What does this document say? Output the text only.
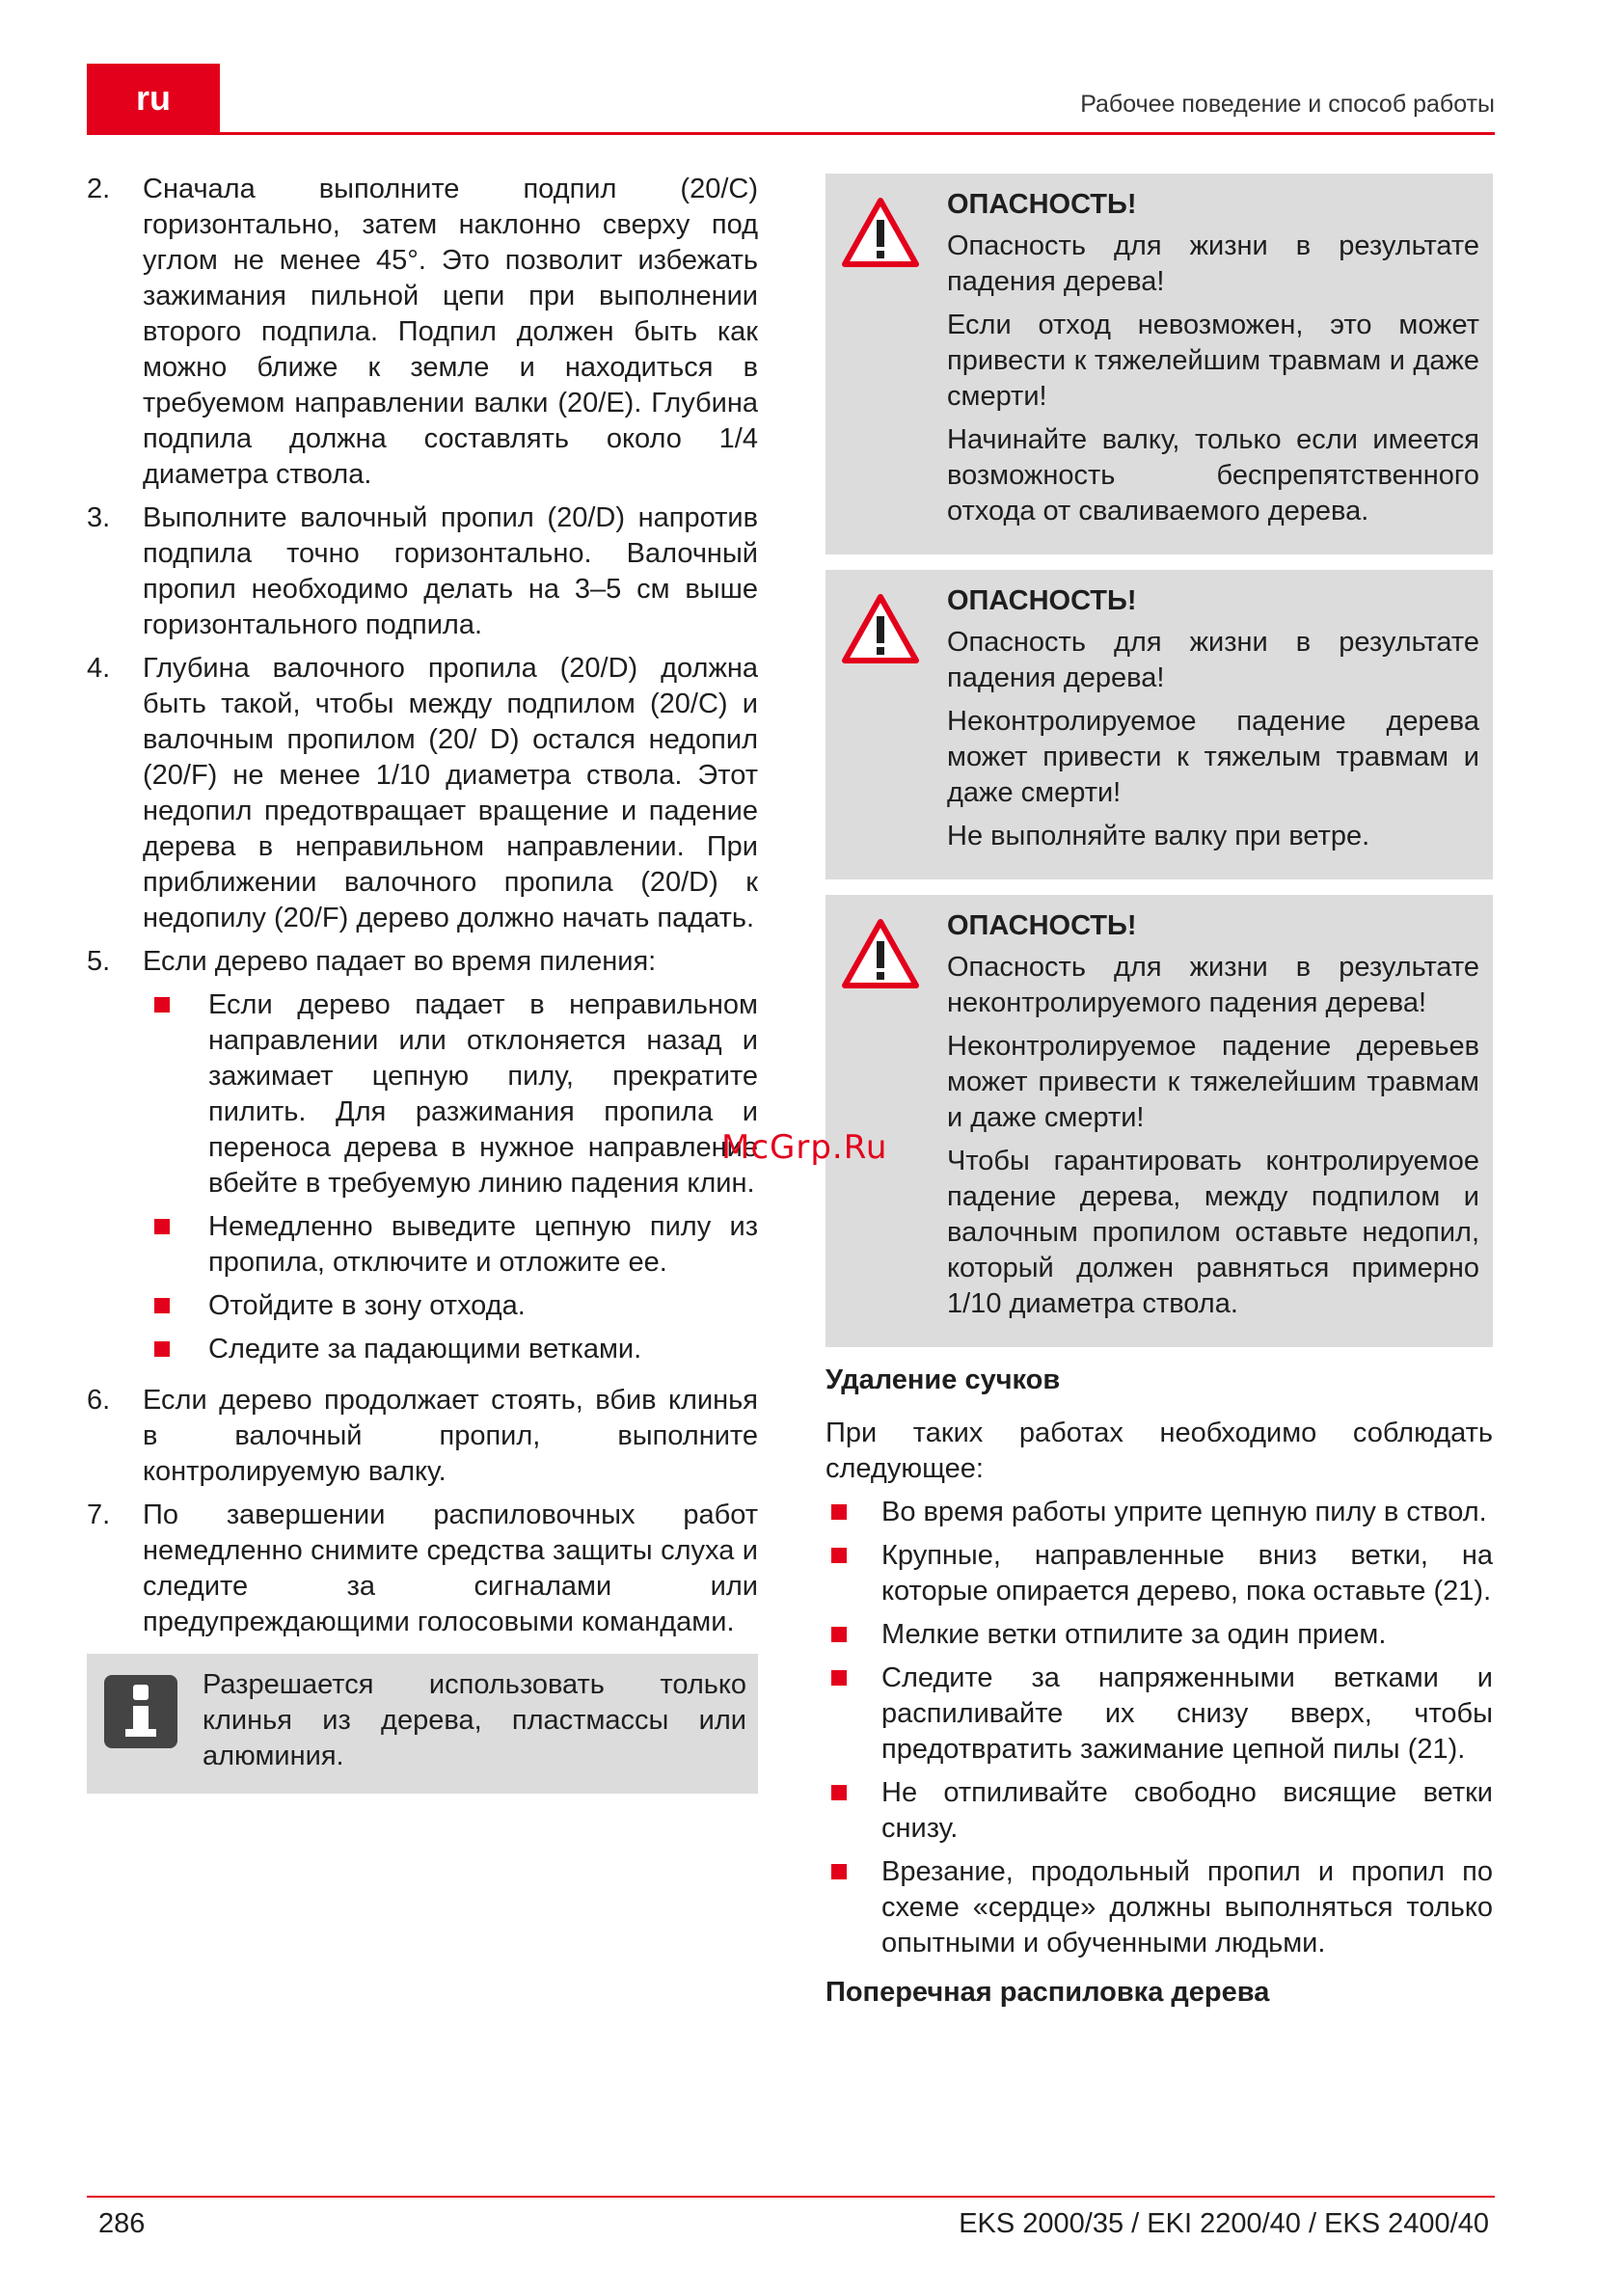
ru	Рабочее поведение и способ работы
2.	Сначала выполните подпил (20/C) горизонтально, затем наклонно сверху под углом не менее 45°. Это позволит избежать зажимания пильной цепи при выполнении второго подпила. Подпил должен быть как можно ближе к земле и находиться в требуемом направлении валки (20/E). Глубина подпила должна составлять около 1/4 диаметра ствола.
3.	Выполните валочный пропил (20/D) напротив подпила точно горизонтально. Валочный пропил необходимо делать на 3–5 см выше горизонтального подпила.
4.	Глубина валочного пропила (20/D) должна быть такой, чтобы между подпилом (20/C) и валочным пропилом (20/ D) остался недопил (20/F) не менее 1/10 диаметра ствола. Этот недопил предотвращает вращение и падение дерева в неправильном направлении. При приближении валочного пропила (20/D) к недопилу (20/F) дерево должно начать падать.
5.	Если дерево падает во время пиления:
Если дерево падает в неправильном направлении или отклоняется назад и зажимает цепную пилу, прекратите пилить. Для разжимания пропила и переноса дерева в нужное направление вбейте в требуемую линию падения клин.
Немедленно выведите цепную пилу из пропила, отключите и отложите ее.
Отойдите в зону отхода.
Следите за падающими ветками.
6.	Если дерево продолжает стоять, вбив клинья в валочный пропил, выполните контролируемую валку.
7.	По завершении распиловочных работ немедленно снимите средства защиты слуха и следите за сигналами или предупреждающими голосовыми командами.
Разрешается использовать только клинья из дерева, пластмассы или алюминия.
ОПАСНОСТЬ!
Опасность для жизни в результате падения дерева!
Если отход невозможен, это может привести к тяжелейшим травмам и даже смерти!
Начинайте валку, только если имеется возможность беспрепятственного отхода от сваливаемого дерева.
ОПАСНОСТЬ!
Опасность для жизни в результате падения дерева!
Неконтролируемое падение дерева может привести к тяжелым травмам и даже смерти!
Не выполняйте валку при ветре.
ОПАСНОСТЬ!
Опасность для жизни в результате неконтролируемого падения дерева!
Неконтролируемое падение деревьев может привести к тяжелейшим травмам и даже смерти!
Чтобы гарантировать контролируемое падение дерева, между подпилом и валочным пропилом оставьте недопил, который должен равняться примерно 1/10 диаметра ствола.
Удаление сучков
При таких работах необходимо соблюдать следующее:
Во время работы уприте цепную пилу в ствол.
Крупные, направленные вниз ветки, на которые опирается дерево, пока оставьте (21).
Мелкие ветки отпилите за один прием.
Следите за напряженными ветками и распиливайте их снизу вверх, чтобы предотвратить зажимание цепной пилы (21).
Не отпиливайте свободно висящие ветки снизу.
Врезание, продольный пропил и пропил по схеме «сердце» должны выполняться только опытными и обученными людьми.
Поперечная распиловка дерева
McGrp.Ru
286	EKS 2000/35 / EKI 2200/40 / EKS 2400/40
